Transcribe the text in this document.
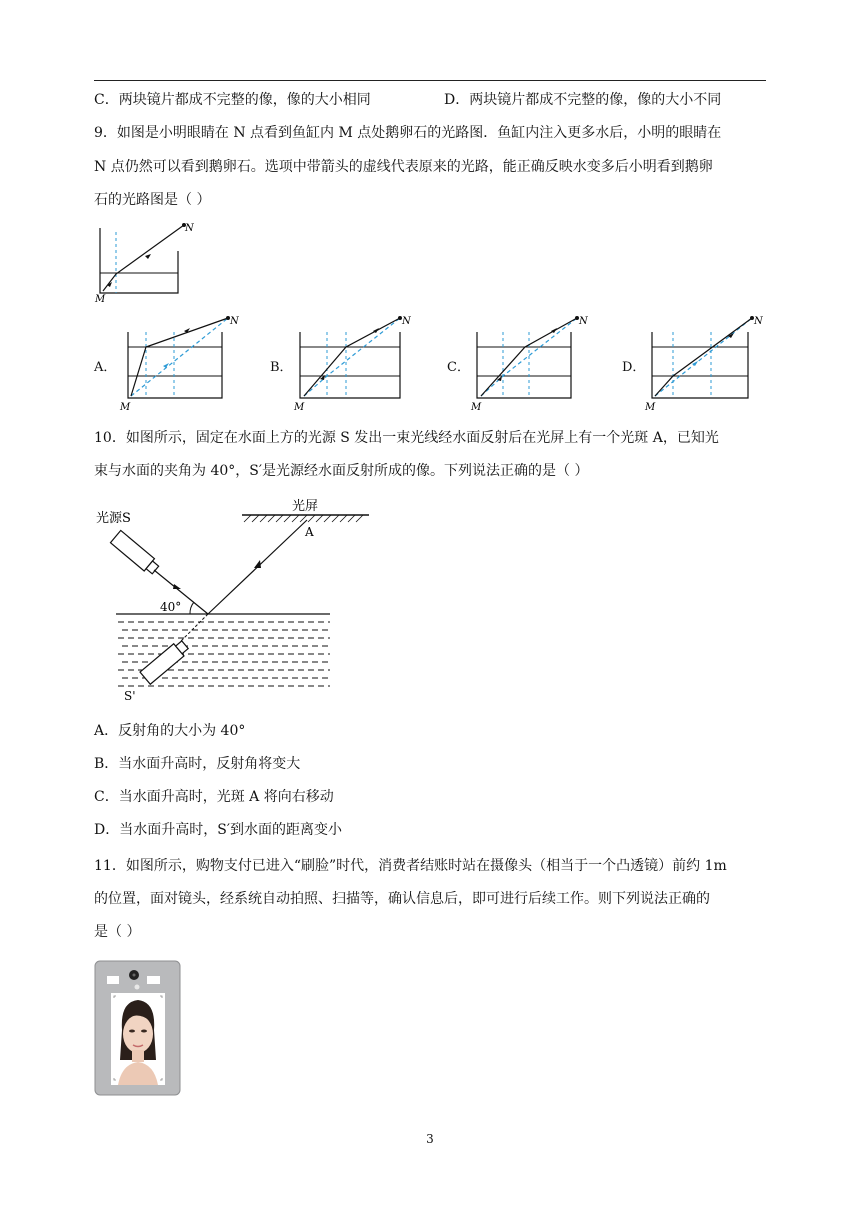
C．两块镜片都成不完整的像，像的大小相同	D．两块镜片都成不完整的像，像的大小不同
9．如图是小明眼睛在 N 点看到鱼缸内 M 点处鹅卵石的光路图．鱼缸内注入更多水后，小明的眼睛在
N 点仍然可以看到鹅卵石。选项中带箭头的虚线代表原来的光路，能正确反映水变多后小明看到鹅卵
石的光路图是（ ）
N
M
A．
N
M
B．
N
M
C．
N
M
D．
N
M
10．如图所示，固定在水面上方的光源 S 发出一束光线经水面反射后在光屏上有一个光斑 A，已知光
束与水面的夹角为 40°，S′是光源经水面反射所成的像。下列说法正确的是（ ）
光屏
A
光源S
S'
40°
A．反射角的大小为 40°
B．当水面升高时，反射角将变大
C．当水面升高时，光斑 A 将向右移动
D．当水面升高时，S′到水面的距离变小
11．如图所示，购物支付已进入“刷脸”时代，消费者结账时站在摄像头（相当于一个凸透镜）前约 1m
的位置，面对镜头，经系统自动拍照、扫描等，确认信息后，即可进行后续工作。则下列说法正确的
是（ ）
3
